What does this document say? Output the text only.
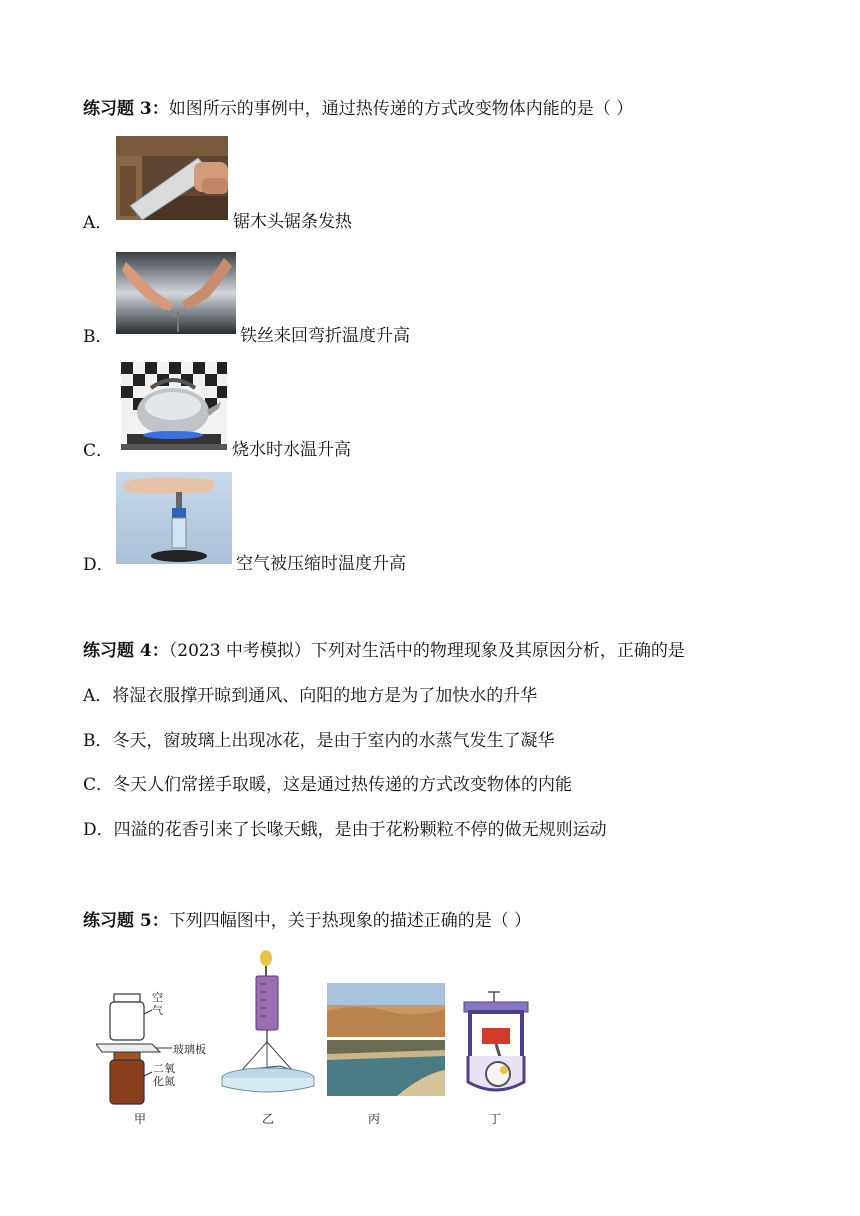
练习题 3：如图所示的事例中，通过热传递的方式改变物体内能的是（ ）
A．	锯木头锯条发热
B．	铁丝来回弯折温度升高
C．	烧水时水温升高
D．	空气被压缩时温度升高
练习题 4：（2023 中考模拟）下列对生活中的物理现象及其原因分析，正确的是
A．将湿衣服撑开晾到通风、向阳的地方是为了加快水的升华
B．冬天，窗玻璃上出现冰花，是由于室内的水蒸气发生了凝华
C．冬天人们常搓手取暖，这是通过热传递的方式改变物体的内能
D．四溢的花香引来了长喙天蛾，是由于花粉颗粒不停的做无规则运动
练习题 5：下列四幅图中，关于热现象的描述正确的是（ ）
空
气
玻璃板
二氧
化氮
甲	乙	丙	丁
